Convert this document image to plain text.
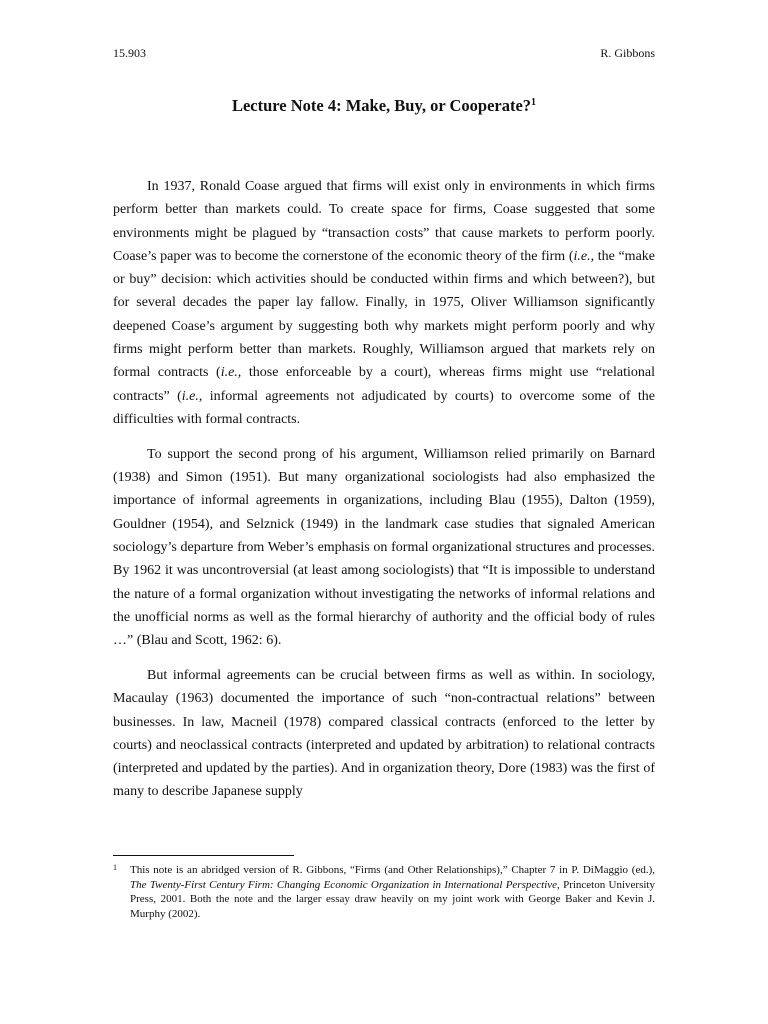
15.903	R. Gibbons
Lecture Note 4: Make, Buy, or Cooperate?$^1$

In 1937, Ronald Coase argued that firms will exist only in environments in which firms perform better than markets could. To create space for firms, Coase suggested that some environments might be plagued by “transaction costs” that cause markets to perform poorly. Coase’s paper was to become the cornerstone of the economic theory of the firm (i.e., the “make or buy” decision: which activities should be conducted within firms and which between?), but for several decades the paper lay fallow. Finally, in 1975, Oliver Williamson significantly deepened Coase’s argument by suggesting both why markets might perform poorly and why firms might perform better than markets. Roughly, Williamson argued that markets rely on formal contracts (i.e., those enforceable by a court), whereas firms might use “relational contracts” (i.e., informal agreements not adjudicated by courts) to overcome some of the difficulties with formal contracts.

To support the second prong of his argument, Williamson relied primarily on Barnard (1938) and Simon (1951). But many organizational sociologists had also emphasized the importance of informal agreements in organizations, including Blau (1955), Dalton (1959), Gouldner (1954), and Selznick (1949) in the landmark case studies that signaled American sociology’s departure from Weber’s emphasis on formal organizational structures and processes. By 1962 it was uncontroversial (at least among sociologists) that “It is impossible to understand the nature of a formal organization without investigating the networks of informal relations and the unofficial norms as well as the formal hierarchy of authority and the official body of rules …” (Blau and Scott, 1962: 6).

But informal agreements can be crucial between firms as well as within. In sociology, Macaulay (1963) documented the importance of such “non-contractual relations” between businesses. In law, Macneil (1978) compared classical contracts (enforced to the letter by courts) and neoclassical contracts (interpreted and updated by arbitration) to relational contracts (interpreted and updated by the parties). And in organization theory, Dore (1983) was the first of many to describe Japanese supply

1 This note is an abridged version of R. Gibbons, “Firms (and Other Relationships),” Chapter 7 in P. DiMaggio (ed.), The Twenty-First Century Firm: Changing Economic Organization in International Perspective, Princeton University Press, 2001. Both the note and the larger essay draw heavily on my joint work with George Baker and Kevin J. Murphy (2002).
